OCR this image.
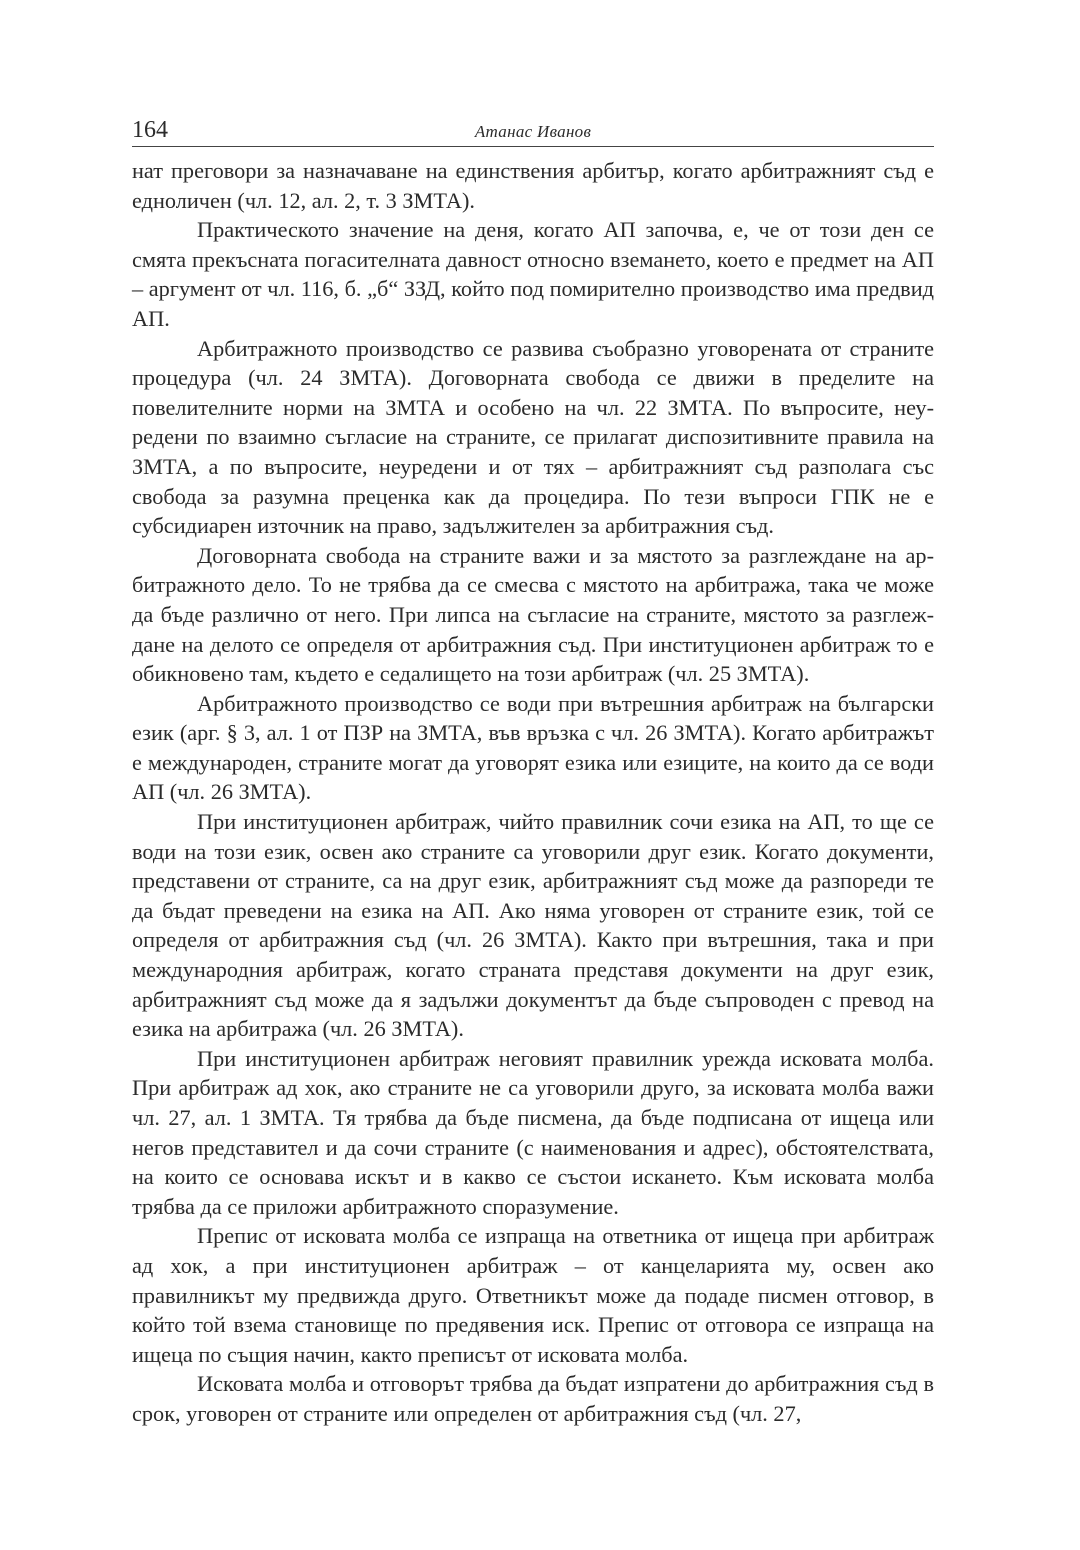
164	Атанас Иванов

нат преговори за назначаване на единствения арбитър, когато арбитражният съд е едноличен (чл. 12, ал. 2, т. 3 ЗМТА).

Практическото значение на деня, когато АП започва, е, че от този ден се смята прекъсната погасителната давност относно вземането, което е предмет на АП – аргумент от чл. 116, б. „б“ ЗЗД, който под помирително производство има предвид АП.

Арбитражното производство се развива съобразно уговорената от страните процедура (чл. 24 ЗМТА). Договорната свобода се движи в пределите на повелителните норми на ЗМТА и особено на чл. 22 ЗМТА. По въпросите, неуредени по взаимно съгласие на страните, се прилагат диспозитивните правила на ЗМТА, а по въпросите, неуредени и от тях – арбитражният съд разполага със свобода за разумна преценка как да процедира. По тези въпроси ГПК не е субсидиарен източник на право, задължителен за арбитражния съд.

Договорната свобода на страните важи и за мястото за разглеждане на арбитражното дело. То не трябва да се смесва с мястото на арбитража, така че може да бъде различно от него. При липса на съгласие на страните, мястото за разглеждане на делото се определя от арбитражния съд. При институционен арбитраж то е обикновено там, където е седалището на този арбитраж (чл. 25 ЗМТА).

Арбитражното производство се води при вътрешния арбитраж на български език (арг. § 3, ал. 1 от ПЗР на ЗМТА, във връзка с чл. 26 ЗМТА). Когато арбитражът е международен, страните могат да уговорят езика или езиците, на които да се води АП (чл. 26 ЗМТА).

При институционен арбитраж, чийто правилник сочи езика на АП, то ще се води на този език, освен ако страните са уговорили друг език. Когато документи, представени от страните, са на друг език, арбитражният съд може да разпореди те да бъдат преведени на езика на АП. Ако няма уговорен от страните език, той се определя от арбитражния съд (чл. 26 ЗМТА). Както при вътрешния, така и при международния арбитраж, когато страната представя документи на друг език, арбитражният съд може да я задължи документът да бъде съпроводен с превод на езика на арбитража (чл. 26 ЗМТА).

При институционен арбитраж неговият правилник урежда исковата молба. При арбитраж ад хок, ако страните не са уговорили друго, за исковата молба важи чл. 27, ал. 1 ЗМТА. Тя трябва да бъде писмена, да бъде подписана от ищеца или негов представител и да сочи страните (с наименования и адрес), обстоятелствата, на които се основава искът и в какво се състои искането. Към исковата молба трябва да се приложи арбитражното споразумение.

Препис от исковата молба се изпраща на ответника от ищеца при арбитраж ад хок, а при институционен арбитраж – от канцеларията му, освен ако правилникът му предвижда друго. Ответникът може да подаде писмен отговор, в който той взема становище по предявения иск. Препис от отговора се изпраща на ищеца по същия начин, както преписът от исковата молба.

Исковата молба и отговорът трябва да бъдат изпратени до арбитражния съд в срок, уговорен от страните или определен от арбитражния съд (чл. 27,
